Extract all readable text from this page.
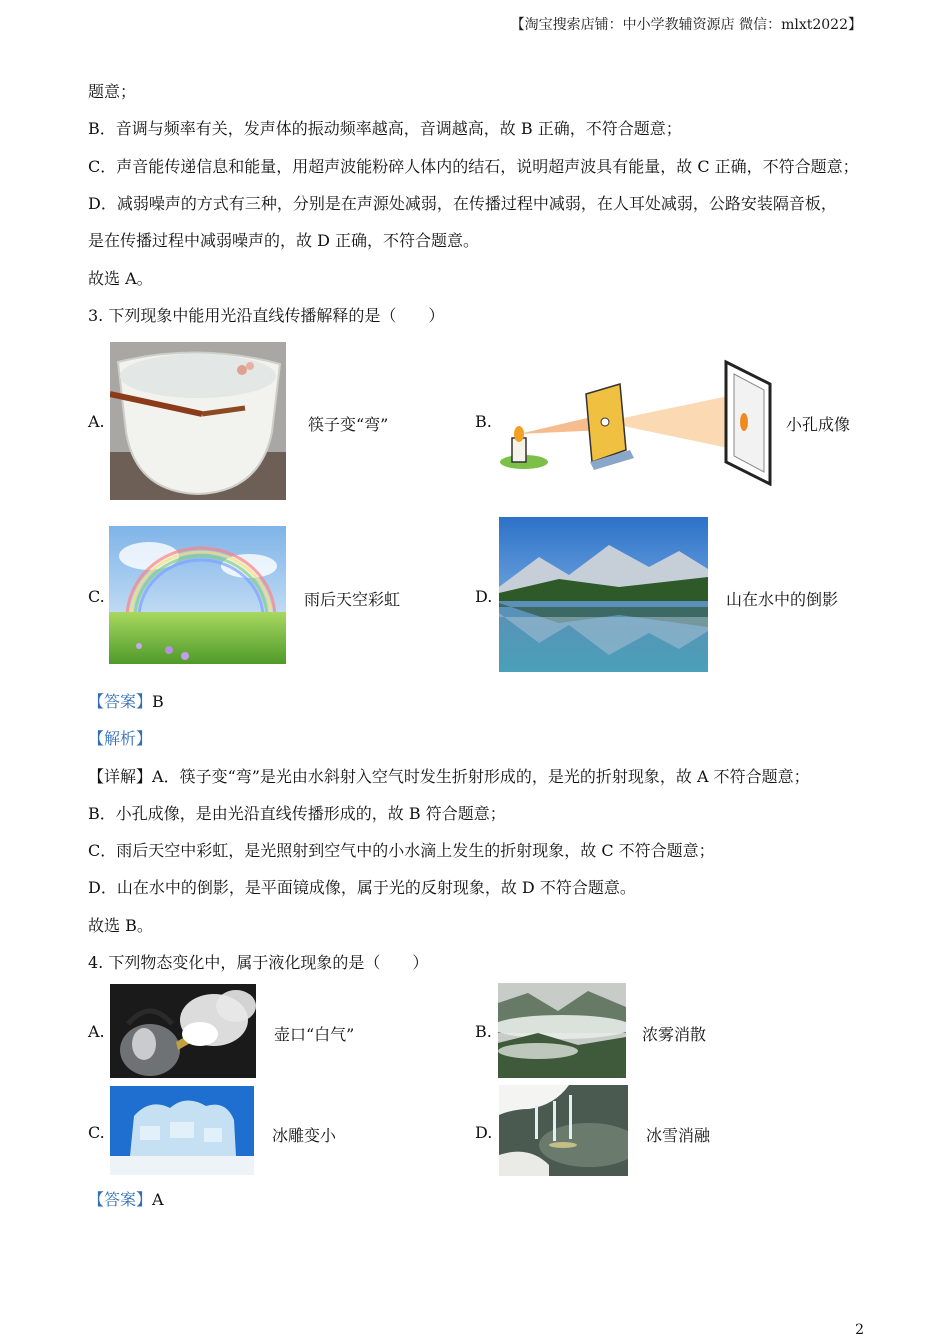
【淘宝搜索店铺：中小学教辅资源店 微信：mlxt2022】
题意；
B．音调与频率有关，发声体的振动频率越高，音调越高，故 B 正确，不符合题意；
C．声音能传递信息和能量，用超声波能粉碎人体内的结石，说明超声波具有能量，故 C 正确，不符合题意；
D．减弱噪声的方式有三种，分别是在声源处减弱，在传播过程中减弱，在人耳处减弱，公路安装隔音板，
是在传播过程中减弱噪声的，故 D 正确，不符合题意。
故选 A。
3. 下列现象中能用光沿直线传播解释的是（　　）
A.	筷子变“弯”	B.	小孔成像
C.	雨后天空彩虹	D.	山在水中的倒影
【答案】B
【解析】
【详解】A．筷子变“弯”是光由水斜射入空气时发生折射形成的，是光的折射现象，故 A 不符合题意；
B．小孔成像，是由光沿直线传播形成的，故 B 符合题意；
C．雨后天空中彩虹，是光照射到空气中的小水滴上发生的折射现象，故 C 不符合题意；
D．山在水中的倒影，是平面镜成像，属于光的反射现象，故 D 不符合题意。
故选 B。
4. 下列物态变化中，属于液化现象的是（　　）
A.	壶口“白气”	B.	浓雾消散
C.	冰雕变小	D.	冰雪消融
【答案】A
2
